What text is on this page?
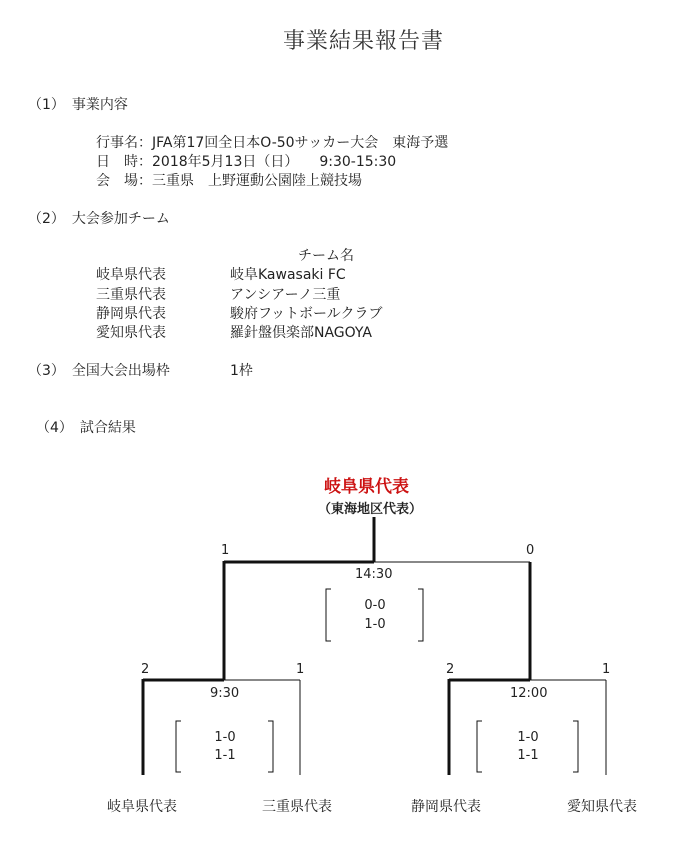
事業結果報告書
（1）　事業内容
行事名：JFA第17回全日本O-50サッカー大会　東海予選
日　時：2018年5月13日（日）　　9:30-15:30
会　場：三重県　上野運動公園陸上競技場
（2）　大会参加チーム
チーム名
岐阜県代表	岐阜Kawasaki FC
三重県代表	アンシアーノ三重
静岡県代表	駿府フットボールクラブ
愛知県代表	羅針盤倶楽部NAGOYA
（3）　全国大会出場枠	1枠
（4）　試合結果
岐阜県代表
（東海地区代表）
1	0
14:30
0-0
1-0
2	1
9:30
1-0
1-1
2	1
12:00
1-0
1-1
岐阜県代表	三重県代表	静岡県代表	愛知県代表
